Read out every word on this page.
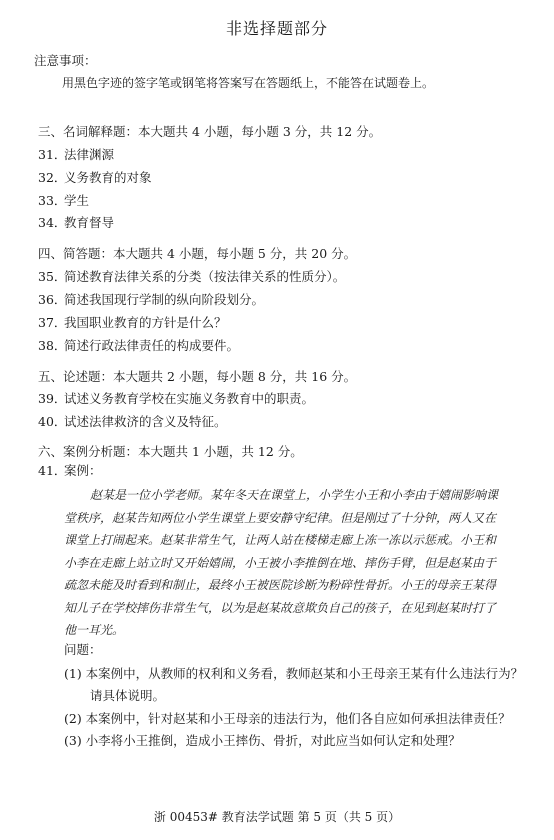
非选择题部分
注意事项：
用黑色字迹的签字笔或钢笔将答案写在答题纸上，不能答在试题卷上。
三、名词解释题：本大题共 4 小题，每小题 3 分，共 12 分。
31．法律渊源
32．义务教育的对象
33．学生
34．教育督导
四、简答题：本大题共 4 小题，每小题 5 分，共 20 分。
35．简述教育法律关系的分类（按法律关系的性质分）。
36．简述我国现行学制的纵向阶段划分。
37．我国职业教育的方针是什么？
38．简述行政法律责任的构成要件。
五、论述题：本大题共 2 小题，每小题 8 分，共 16 分。
39．试述义务教育学校在实施义务教育中的职责。
40．试述法律救济的含义及特征。
六、案例分析题：本大题共 1 小题，共 12 分。
41．案例：
赵某是一位小学老师。某年冬天在课堂上，小学生小王和小李由于嬉闹影响课
堂秩序，赵某告知两位小学生课堂上要安静守纪律。但是刚过了十分钟，两人又在
课堂上打闹起来。赵某非常生气，让两人站在楼梯走廊上冻一冻以示惩戒。小王和
小李在走廊上站立时又开始嬉闹，小王被小李推倒在地、摔伤手臂，但是赵某由于
疏忽未能及时看到和制止，最终小王被医院诊断为粉碎性骨折。小王的母亲王某得
知儿子在学校摔伤非常生气，以为是赵某故意欺负自己的孩子，在见到赵某时打了
他一耳光。
问题：
(1) 本案例中，从教师的权利和义务看，教师赵某和小王母亲王某有什么违法行为？
请具体说明。
(2) 本案例中，针对赵某和小王母亲的违法行为，他们各自应如何承担法律责任？
(3) 小李将小王推倒，造成小王摔伤、骨折，对此应当如何认定和处理？
浙 00453# 教育法学试题 第 5 页（共 5 页）
